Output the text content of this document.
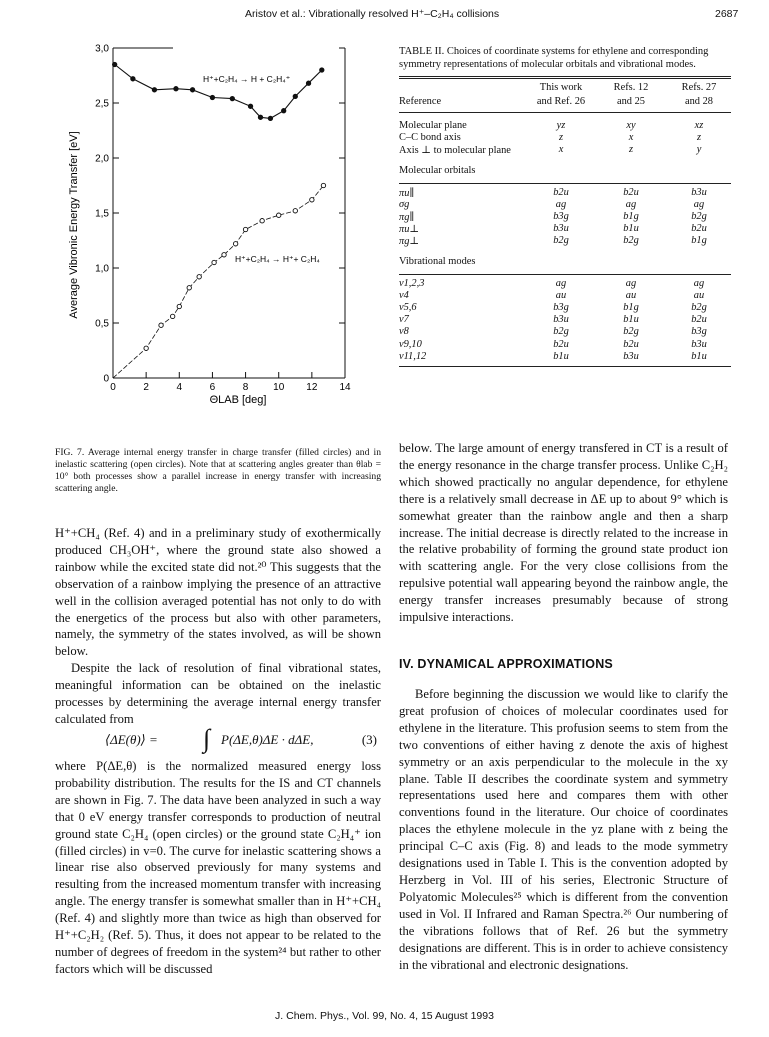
Aristov et al.: Vibrationally resolved H⁺–C₂H₄ collisions	2687
0	2	4	6	8 10 12 14
0
0,5
1,0
1,5
2,0
2,5
3,0
Average Vibronic Energy Transfer [eV]
ΘLAB [deg]
H⁺+C₂H₄ → H + C₂H₄⁺
H⁺+C₂H₄ → H⁺+ C₂H₄
FIG. 7. Average internal energy transfer in charge transfer (filled circles) and in inelastic scattering (open circles). Note that at scattering angles greater than θlab = 10° both processes show a parallel increase in energy transfer with increasing scattering angle.
TABLE II. Choices of coordinate systems for ethylene and corresponding symmetry representations of molecular orbitals and vibrational modes.
This work	Refs. 12	Refs. 27
Reference	and Ref. 26	and 25	and 28
Molecular plane	yz	xy	xz
C–C bond axis	z	x	z
Axis ⊥ to molecular plane	x	z	y
Molecular orbitals
πu∥	b2u	b2u	b3u
σg	ag	ag	ag
πg∥	b3g	b1g	b2g
πu⊥	b3u	b1u	b2u
πg⊥	b2g	b2g	b1g
Vibrational modes
ν1,2,3	ag	ag	ag
ν4	au	au	au
ν5,6	b3g	b1g	b2g
ν7	b3u	b1u	b2u
ν8	b2g	b2g	b3g
ν9,10	b2u	b2u	b3u
ν11,12	b1u	b3u	b1u

H⁺+CH₄ (Ref. 4) and in a preliminary study of exothermically produced CH₃OH⁺, where the ground state also showed a rainbow while the excited state did not.²⁰ This suggests that the observation of a rainbow implying the presence of an attractive well in the collision averaged potential has not only to do with the energetics of the process but also with other parameters, namely, the symmetry of the states involved, as will be shown below.

Despite the lack of resolution of final vibrational states, meaningful information can be obtained on the inelastic processes by determining the average internal energy transfer calculated from

⟨ΔE(θ)⟩ = ∫ P(ΔE,θ)ΔE · dΔE,	(3)

where P(ΔE,θ) is the normalized measured energy loss probability distribution. The results for the IS and CT channels are shown in Fig. 7. The data have been analyzed in such a way that 0 eV energy transfer corresponds to production of neutral ground state C₂H₄ (open circles) or the ground state C₂H₄⁺ ion (filled circles) in v=0. The curve for inelastic scattering shows a linear rise also observed previously for many systems and resulting from the increased momentum transfer with increasing angle. The energy transfer is somewhat smaller than in H⁺+CH₄ (Ref. 4) and slightly more than twice as high than observed for H⁺+C₂H₂ (Ref. 5). Thus, it does not appear to be related to the number of degrees of freedom in the system²⁴ but rather to other factors which will be discussed

below. The large amount of energy transfered in CT is a result of the energy resonance in the charge transfer process. Unlike C₂H₂ which showed practically no angular dependence, for ethylene there is a relatively small decrease in ΔE up to about 9° which is somewhat greater than the rainbow angle and then a sharp increase. The initial decrease is directly related to the increase in the relative probability of forming the ground state product ion with scattering angle. For the very close collisions from the repulsive potential wall appearing beyond the rainbow angle, the energy transfer increases presumably because of strong impulsive interactions.

IV. DYNAMICAL APPROXIMATIONS

Before beginning the discussion we would like to clarify the great profusion of choices of molecular coordinates used for ethylene in the literature. This profusion seems to stem from the two conventions of either having z denote the axis of highest symmetry or an axis perpendicular to the molecule in the xy plane. Table II describes the coordinate system and symmetry representations used here and compares them with other conventions found in the literature. Our choice of coordinates places the ethylene molecule in the yz plane with z being the principal C–C axis (Fig. 8) and leads to the mode symmetry designations used in Table I. This is the convention adopted by Herzberg in Vol. III of his series, Electronic Structure of Polyatomic Molecules²⁵ which is different from the convention used in Vol. II Infrared and Raman Spectra.²⁶ Our numbering of the vibrations follows that of Ref. 26 but the symmetry designations are different. This is in order to achieve consistency in the vibrational and electronic designations.

J. Chem. Phys., Vol. 99, No. 4, 15 August 1993
